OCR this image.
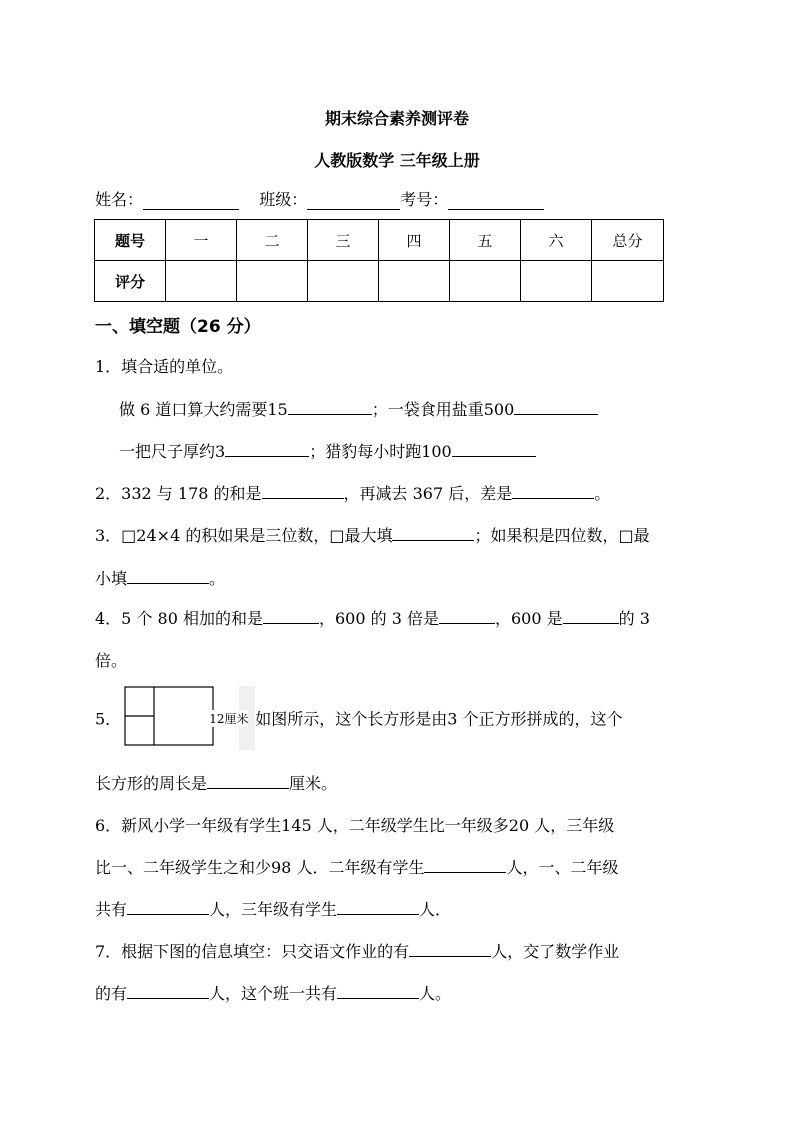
期末综合素养测评卷
人教版数学 三年级上册
姓名：	班级：	考号：
题号	一	二	三	四	五	六	总分
评分							
一、填空题（26 分）
1．填合适的单位。
做 6 道口算大约需要15	；一袋食用盐重500
一把尺子厚约3	；猎豹每小时跑100
2．332 与 178 的和是	，再减去 367 后，差是	。
3．□24×4 的积如果是三位数，□最大填	；如果积是四位数，□最
小填	。
4．5 个 80 相加的和是	，600 的 3 倍是	，600 是	的 3
倍。
5．	12厘米 如图所示，这个长方形是由3 个正方形拼成的，这个
长方形的周长是	厘米。
6．新风小学一年级有学生145 人，二年级学生比一年级多20 人，三年级
比一、二年级学生之和少98 人．二年级有学生	人，一、二年级
共有	人，三年级有学生	人．
7．根据下图的信息填空：只交语文作业的有	人，交了数学作业
的有	人，这个班一共有	人。
